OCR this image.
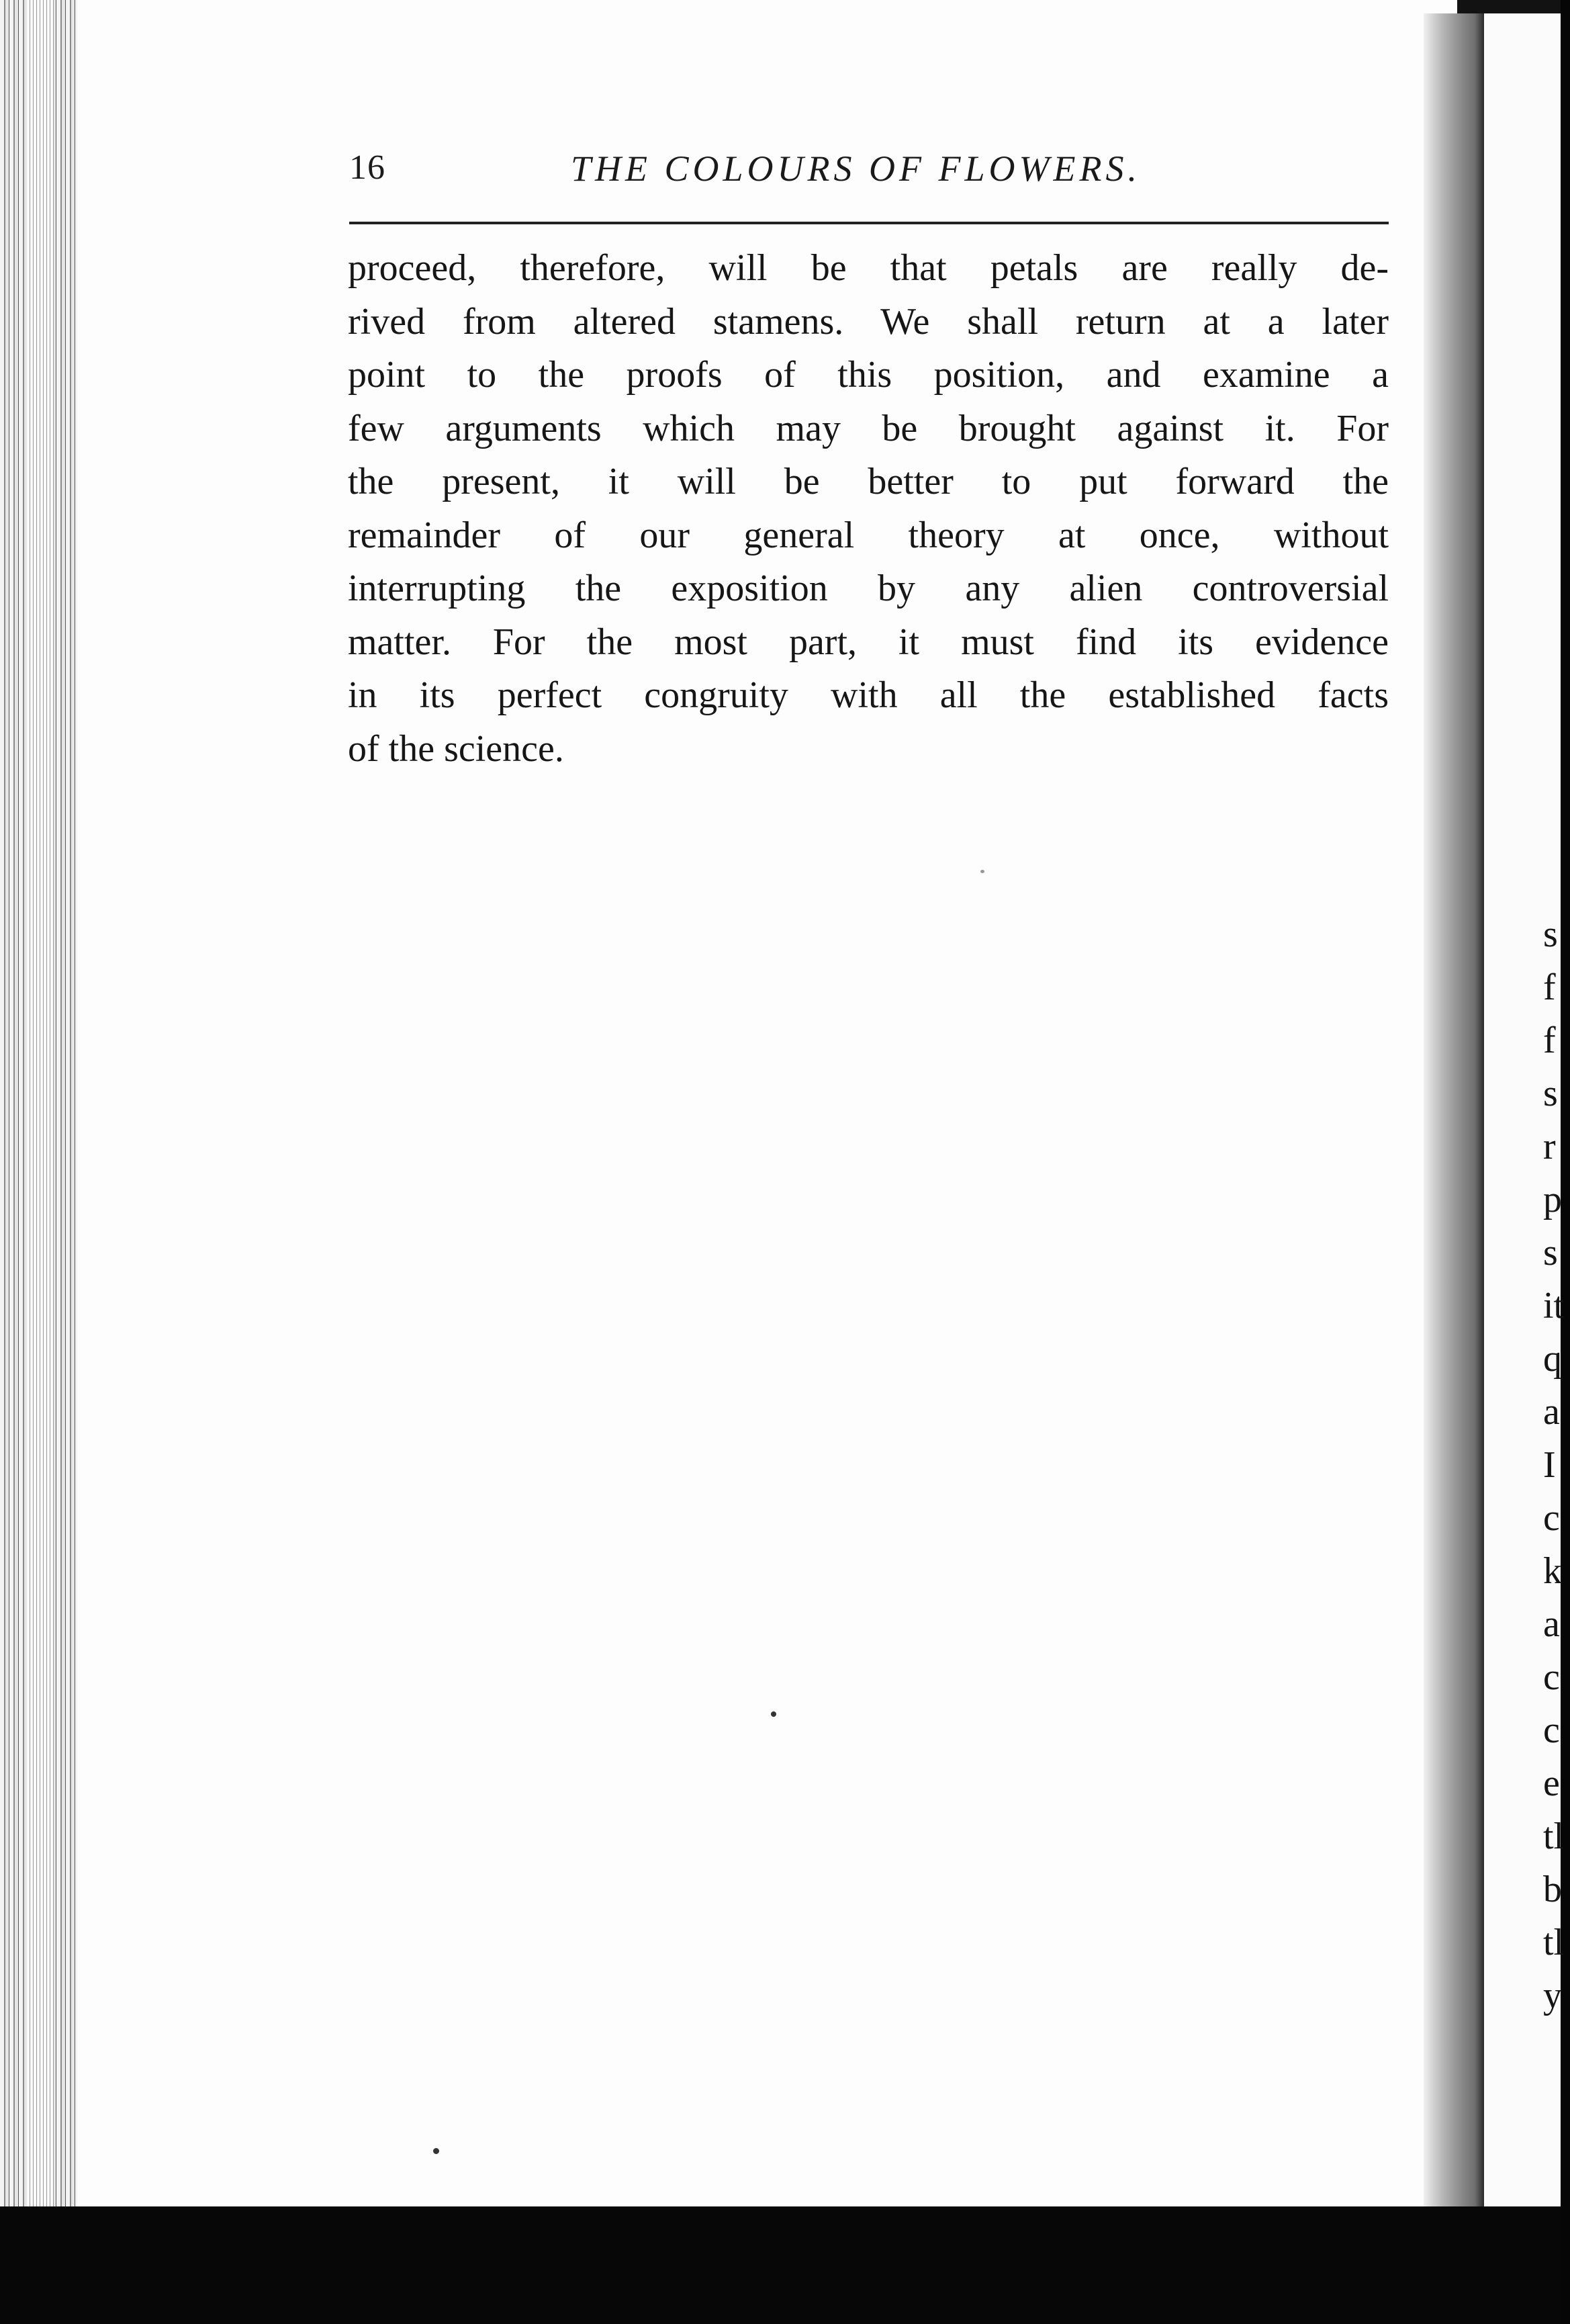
16	THE COLOURS OF FLOWERS.
proceed, therefore, will be that petals are really de-
rived from altered stamens. We shall return at a later
point to the proofs of this position, and examine a
few arguments which may be brought against it. For
the present, it will be better to put forward the
remainder of our general theory at once, without
interrupting the exposition by any alien controversial
matter. For the most part, it must find its evidence
in its perfect congruity with all the established facts
of the science.
s
f
f
s
r
p
s
it
q
a
I
c
k
a
c
c
e
tl
b
tl
y
